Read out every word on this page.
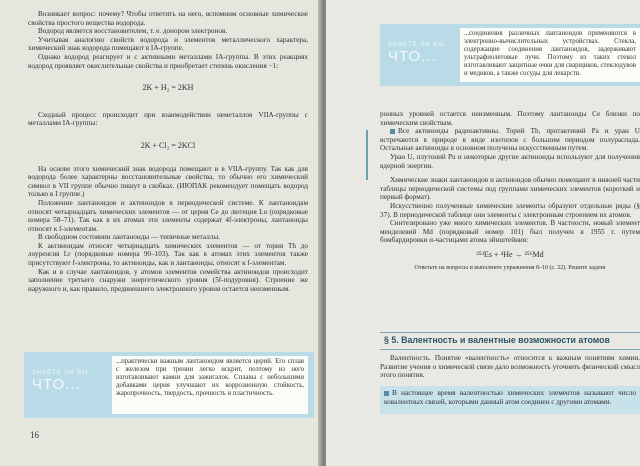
Возникает вопрос: почему? Чтобы ответить на него, вспомним основные химические свойства простого вещества водорода.

Водород является восстановителем, т. е. донором электронов.

Учитывая аналогию свойств водорода и элементов металлического характера, химический знак водорода помещают в IA-группе.

Однако водород реагирует и с активными металлами IA-группы. В этих реакциях водород проявляет окислительные свойства и приобретает степень окисления −1:

2K + H₂ = 2KH

Сходный процесс происходит при взаимодействии неметаллов VIIA-группы с металлами IA-группы:

2K + Cl₂ = 2KCl

На основе этого химический знак водорода помещают и в VIIA-группу. Так как для водорода более характерны восстановительные свойства, то обычно его химический символ в VII группе обычно пишут в скобках. (ИЮПАК рекомендует помещать водород только в I группе.)

Положение лантаноидов и актиноидов в периодической системе. К лантаноидам относят четырнадцать химических элементов — от церия Ce до лютеция Lu (порядковые номера 58–71). Так как в их атомах эти элементы содержат 4f-электроны, лантаноиды относят к f-элементам.

В свободном состоянии лантаноиды — типичные металлы.

К актиноидам относят четырнадцать химических элементов — от тория Th до лоуренсия Lr (порядковые номера 90–103). Так как в атомах этих элементов также присутствуют f-электроны, то актиноиды, как и лантаноиды, относят к f-элементам.

Как и в случае лантаноидов, у атомов элементов семейства актиноидов происходит заполнение третьего снаружи энергетического уровня (5f-подуровня). Строение же наружного и, как правило, предвнешнего электронного уровня остается неизменным.

ЗНАЕТЕ ЛИ ВЫ,
ЧТО...
...практически важным лантаноидом является церий. Его сплав с железом при трении легко искрит, поэтому из него изготавливают камни для зажигалок. Сплавы с небольшими добавками церия улучшают их коррозионную стойкость, жаропрочность, твердость, прочность и пластичность.
16
ЗНАЕТЕ ЛИ ВЫ,
ЧТО...
...соединения различных лантаноидов применяются в электронно-вычислительных устройствах. Стекла, содержащие соединения лантаноидов, задерживают ультрафиолетовые лучи. Поэтому из таких стекол изготавливают защитные очки для сварщиков, стеклодувов и медиков, а также сосуды для лекарств.

ронных уровней остается неизменным. Поэтому лантаноиды Ce близки по химическим свойствам.

Все актиноиды радиоактивны. Торий Th, протактиний Pa и уран U встречаются в природе в виде изотопов с большим периодом полураспада. Остальные актиноиды в основном получены искусственным путем.

Уран U, плутоний Pu и некоторые другие актиноиды используют для получения ядерной энергии.

Химические знаки лантаноидов и актиноидов обычно помещают в нижней части таблицы периодической системы под группами химических элементов (короткий и первый формат).

Искусственно полученные химические элементы образуют отдельные ряды (§ 37). В периодической таблице они элементы с электронным строением их атомов.

Синтезировано уже много химических элементов. В частности, новый элемент менделевий Md (порядковый номер 101) был получен в 1955 г. путем бомбардировки α-частицами атома эйнштейния:

²⁵³Es + ⁴He → ²⁵⁶Md

Ответьте на вопросы и выполните упражнения 8–10 (с. 22). Решите задачи

§ 5. Валентность и валентные возможности атомов

Валентность. Понятие «валентность» относится к важным понятиям химии. Развитие учения о химической связи дало возможность уточнить физический смысл этого понятия.

В настоящее время валентностью химических элементов называют число ковалентных связей, которыми данный атом соединен с другими атомами.
